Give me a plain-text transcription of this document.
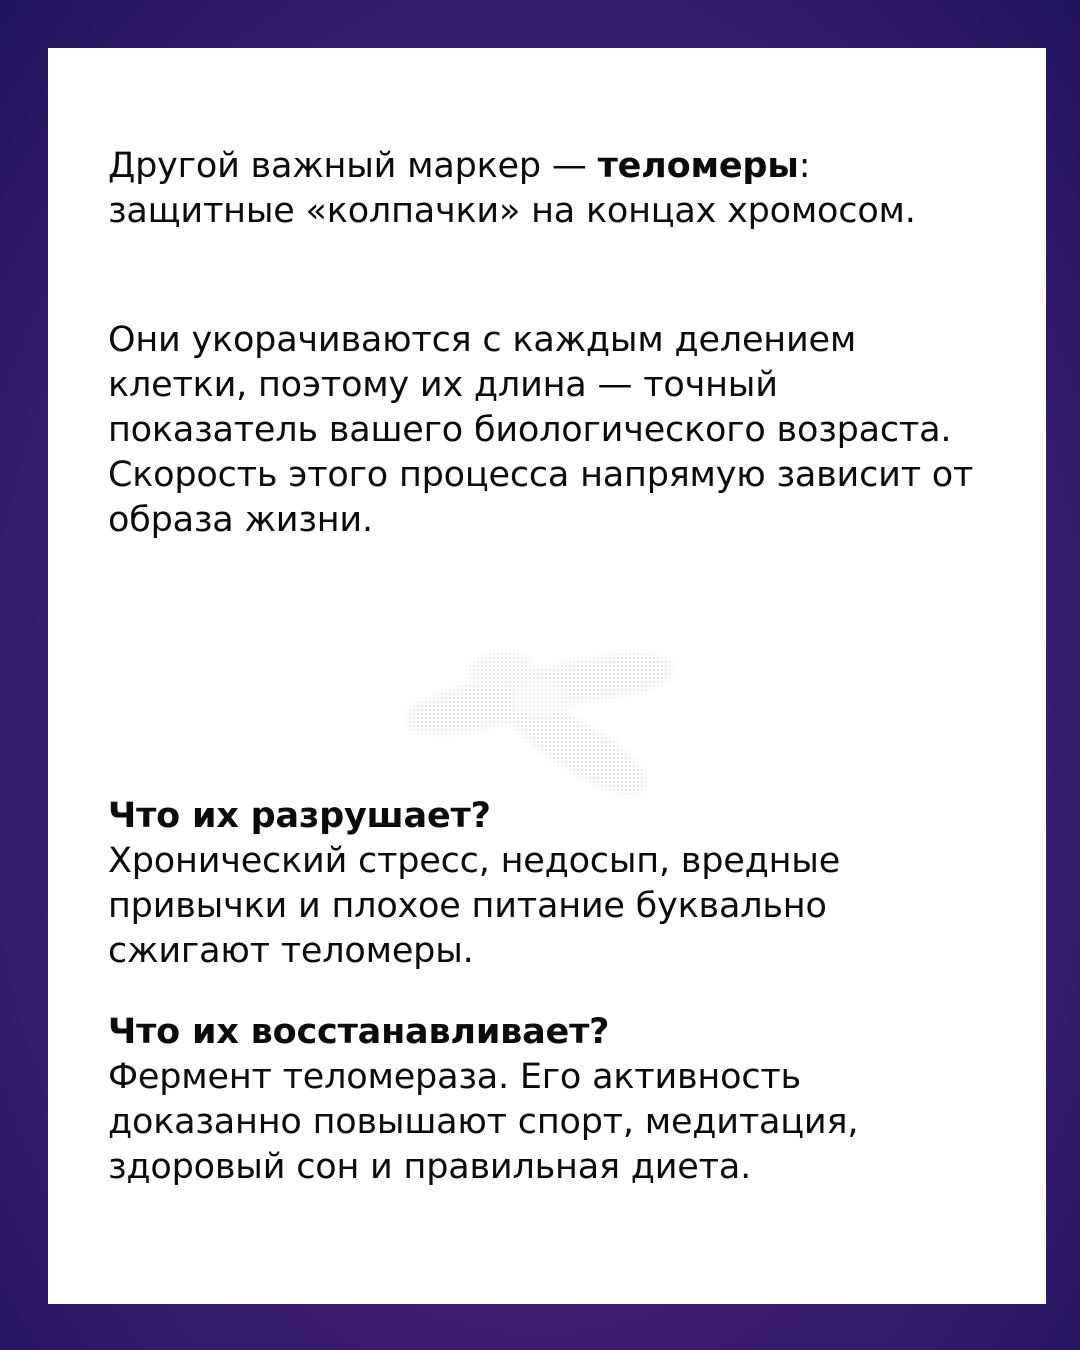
Другой важный маркер — теломеры:
защитные «колпачки» на концах хромосом.

Они укорачиваются с каждым делением клетки, поэтому их длина — точный показатель вашего биологического возраста. Скорость этого процесса напрямую зависит от образа жизни.

Что их разрушает?
Хронический стресс, недосып, вредные привычки и плохое питание буквально сжигают теломеры.
Что их восстанавливает?
Фермент теломераза. Его активность доказанно повышают спорт, медитация, здоровый сон и правильная диета.
